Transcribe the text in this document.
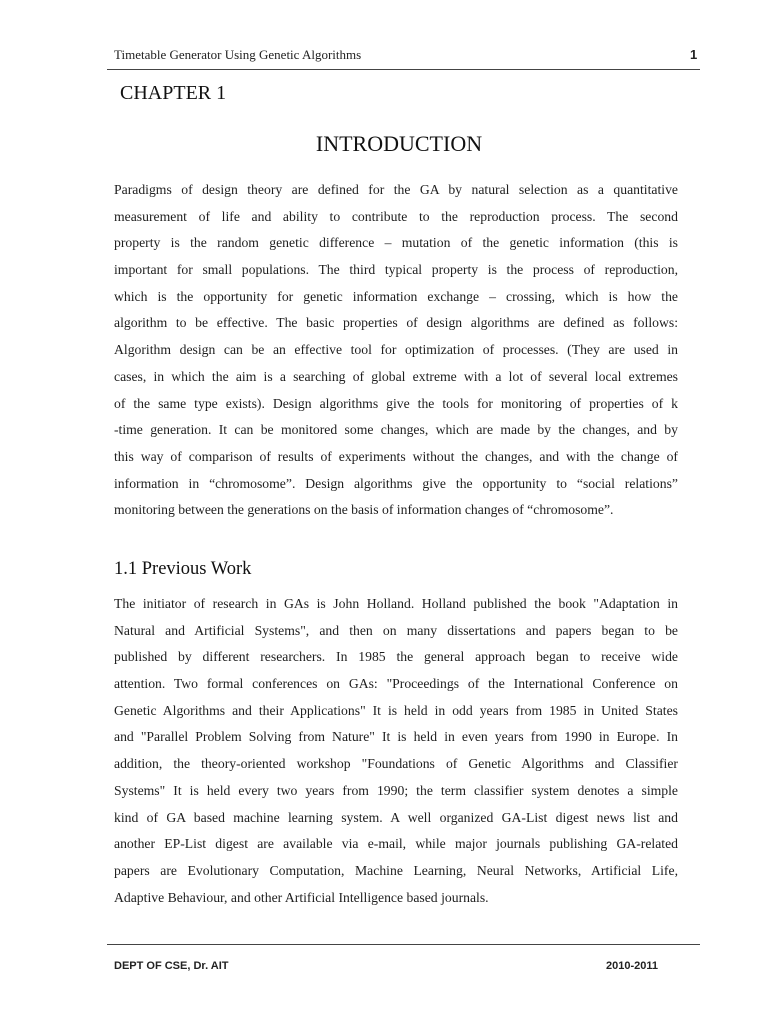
Timetable Generator Using Genetic Algorithms	1
CHAPTER 1
INTRODUCTION
Paradigms of design theory are defined for the GA by natural selection as a quantitative
measurement of life and ability to contribute to the reproduction process. The second
property is the random genetic difference – mutation of the genetic information (this is
important for small populations. The third typical property is the process of reproduction,
which is the opportunity for genetic information exchange – crossing, which is how the
algorithm to be effective. The basic properties of design algorithms are defined as follows:
Algorithm design can be an effective tool for optimization of processes. (They are used in
cases, in which the aim is a searching of global extreme with a lot of several local extremes
of the same type exists). Design algorithms give the tools for monitoring of properties of k
-time generation. It can be monitored some changes, which are made by the changes, and by
this way of comparison of results of experiments without the changes, and with the change of
information in “chromosome”. Design algorithms give the opportunity to “social relations”
monitoring between the generations on the basis of information changes of “chromosome”.
1.1 Previous Work
The initiator of research in GAs is John Holland. Holland published the book "Adaptation in
Natural and Artificial Systems", and then on many dissertations and papers began to be
published by different researchers. In 1985 the general approach began to receive wide
attention. Two formal conferences on GAs: "Proceedings of the International Conference on
Genetic Algorithms and their Applications" It is held in odd years from 1985 in United States
and "Parallel Problem Solving from Nature" It is held in even years from 1990 in Europe. In
addition, the theory-oriented workshop "Foundations of Genetic Algorithms and Classifier
Systems" It is held every two years from 1990; the term classifier system denotes a simple
kind of GA based machine learning system. A well organized GA-List digest news list and
another EP-List digest are available via e-mail, while major journals publishing GA-related
papers are Evolutionary Computation, Machine Learning, Neural Networks, Artificial Life,
Adaptive Behaviour, and other Artificial Intelligence based journals.
DEPT OF CSE, Dr. AIT	2010-2011
